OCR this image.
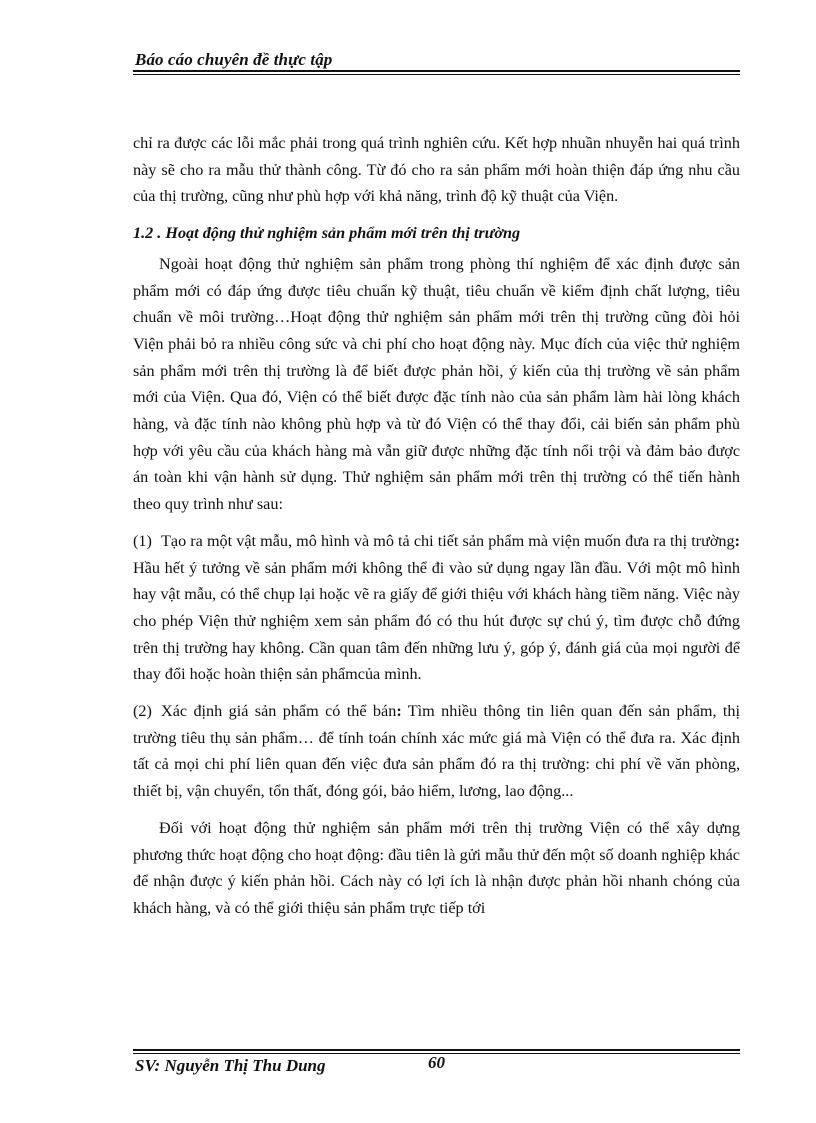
Báo cáo chuyên đề thực tập

chỉ ra được các lỗi mắc phải trong quá trình nghiên cứu. Kết hợp nhuần nhuyễn hai quá trình này sẽ cho ra mẫu thử thành công. Từ đó cho ra sản phẩm mới hoàn thiện đáp ứng nhu cầu của thị trường, cũng như phù hợp với khả năng, trình độ kỹ thuật của Viện.

1.2 . Hoạt động thử nghiệm sản phẩm mới trên thị trường

Ngoài hoạt động thử nghiệm sản phẩm trong phòng thí nghiệm để xác định được sản phẩm mới có đáp ứng được tiêu chuẩn kỹ thuật, tiêu chuẩn về kiểm định chất lượng, tiêu chuẩn về môi trường…Hoạt động thử nghiệm sản phẩm mới trên thị trường cũng đòi hỏi Viện phải bỏ ra nhiều công sức và chi phí cho hoạt động này. Mục đích của việc thử nghiệm sản phẩm mới trên thị trường là để biết được phản hồi, ý kiến của thị trường về sản phẩm mới của Viện. Qua đó, Viện có thể biết được đặc tính nào của sản phẩm làm hài lòng khách hàng, và đặc tính nào không phù hợp và từ đó Viện có thể thay đổi, cải biến sản phẩm phù hợp với yêu cầu của khách hàng mà vẫn giữ được những đặc tính nổi trội và đảm bảo được án toàn khi vận hành sử dụng. Thử nghiệm sản phẩm mới trên thị trường có thể tiến hành theo quy trình như sau:

(1) Tạo ra một vật mẫu, mô hình và mô tả chi tiết sản phẩm mà viện muốn đưa ra thị trường: Hầu hết ý tưởng về sản phẩm mới không thể đi vào sử dụng ngay lần đầu. Với một mô hình hay vật mẫu, có thể chụp lại hoặc vẽ ra giấy để giới thiệu với khách hàng tiềm năng. Việc này cho phép Viện thử nghiệm xem sản phẩm đó có thu hút được sự chú ý, tìm được chỗ đứng trên thị trường hay không. Cần quan tâm đến những lưu ý, góp ý, đánh giá của mọi người để thay đổi hoặc hoàn thiện sản phẩmcủa mình.

(2) Xác định giá sản phẩm có thể bán: Tìm nhiều thông tin liên quan đến sản phẩm, thị trường tiêu thụ sản phẩm… để tính toán chính xác mức giá mà Viện có thể đưa ra. Xác định tất cả mọi chi phí liên quan đến việc đưa sản phẩm đó ra thị trường: chi phí về văn phòng, thiết bị, vận chuyển, tổn thất, đóng gói, bảo hiểm, lương, lao động...

Đối với hoạt động thử nghiệm sản phẩm mới trên thị trường Viện có thể xây dựng phương thức hoạt động cho hoạt động: đầu tiên là gửi mẫu thử đến một số doanh nghiệp khác để nhận được ý kiến phản hồi. Cách này có lợi ích là nhận được phản hồi nhanh chóng của khách hàng, và có thể giới thiệu sản phẩm trực tiếp tới

SV: Nguyễn Thị Thu Dung	60
